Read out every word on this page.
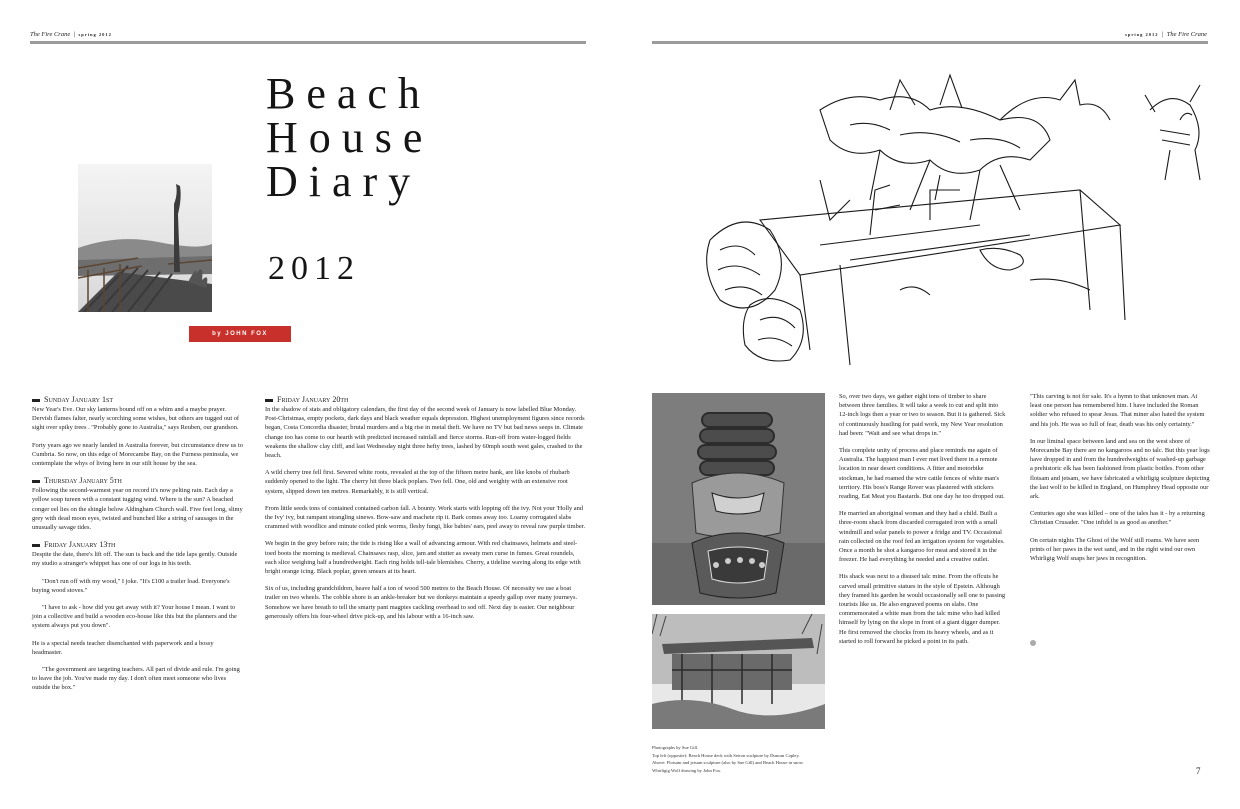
The Fire Crane  |  spring 2012	spring 2012  |  The Fire Crane
Beach
House
Diary
2012
by JOHN FOX
Sunday January 1st

New Year's Eve. Our sky lanterns bound off on a whim and a maybe prayer. Dervish flames falter, nearly scorching some wishes, but others are tugged out of sight over spiky trees . "Probably gone to Australia," says Reuben, our grandson.

Forty years ago we nearly landed in Australia forever, but circumstance drew us to Cumbria. So now, on this edge of Morecambe Bay, on the Furness peninsula, we contemplate the whys of living here in our stilt house by the sea.

Thursday January 5th

Following the second-warmest year on record it's now pelting rain. Each day a yellow soup tureen with a constant tugging wind. Where is the sun? A beached conger eel lies on the shingle below Aldingham Church wall. Five feet long, slimy grey with dead moon eyes, twisted and bunched like a string of sausages in the unusually savage tides.

Friday January 13th

Despite the date, there's lift off. The sun is back and the tide laps gently. Outside my studio a stranger's whippet has one of our logs in his teeth.

"Don't run off with my wood," I joke. "It's £100 a trailer load. Everyone's buying wood stoves."

"I have to ask - how did you get away with it? Your house I mean. I want to join a collective and build a wooden eco-house like this but the planners and the system always put you down".

He is a special needs teacher disenchanted with paperwork and a bossy headmaster.

"The government are targeting teachers. All part of divide and rule. I'm going to leave the job. You've made my day. I don't often meet someone who lives outside the box."

Friday January 20th

In the shadow of stats and obligatory calendars, the first day of the second week of January is now labelled Blue Monday. Post-Christmas, empty pockets, dark days and black weather equals depression. Highest unemployment figures since records began, Costa Concordia disaster, brutal murders and a big rise in metal theft. We have no TV but bad news seeps in. Climate change too has come to our hearth with predicted increased rainfall and fierce storms. Run-off from water-logged fields weakens the shallow clay cliff, and last Wednesday night three hefty trees, lashed by 60mph south west gales, crashed to the beach.

A wild cherry tree fell first. Severed white roots, revealed at the top of the fifteen metre bank, are like knobs of rhubarb suddenly opened to the light. The cherry hit three black poplars. Two fell. One, old and weighty with an extensive root system, slipped down ten metres. Remarkably, it is still vertical.

From little seeds tons of contained contained carbon fall. A bounty. Work starts with lopping off the ivy. Not your 'Holly and the Ivy' ivy, but rampant strangling sinews. Bow-saw and machete rip it. Bark comes away too. Loamy corrugated slabs crammed with woodlice and minute coiled pink worms, fleshy fungi, like babies' ears, peel away to reveal raw purple timber.

We begin in the grey before rain; the tide is rising like a wall of advancing armour. With red chainsaws, helmets and steel-toed boots the morning is medieval. Chainsaws rasp, slice, jam and stutter as sweaty men curse in fumes. Great roundels, each slice weighing half a hundredweight. Each ring holds tell-tale blemishes. Cherry, a tideline waving along its edge with bright orange icing. Black poplar, green smears at its heart.

Six of us, including grandchildren, heave half a ton of wood 500 metres to the Beach House. Of necessity we use a boat trailer on two wheels. The cobble shore is an ankle-breaker but we donkeys maintain a speedy gallop over many journeys. Somehow we have breath to tell the smarty pant magpies cackling overhead to sod off. Next day is easier. Our neighbour generously offers his four-wheel drive pick-up, and his labour with a 16-inch saw.

So, over two days, we gather eight tons of timber to share between three families. It will take a week to cut and split into 12-inch logs then a year or two to season. But it is gathered. Sick of continuously hustling for paid work, my New Year resolution had been: "Wait and see what drops in."

This complete unity of process and place reminds me again of Australia. The happiest man I ever met lived there in a remote location in near desert conditions. A fitter and motorbike stockman, he had roamed the wire cattle fences of white man's territory. His boss's Range Rover was plastered with stickers reading, Eat Meat you Bastards. But one day he too dropped out.

He married an aboriginal woman and they had a child. Built a three-room shack from discarded corrugated iron with a small windmill and solar panels to power a fridge and TV. Occasional rain collected on the roof fed an irrigation system for vegetables. Once a month he shot a kangaroo for meat and stored it in the freezer. He had everything he needed and a creative outlet.

His shack was next to a disused talc mine. From the offcuts he carved small primitive statues in the style of Epstein. Although they framed his garden he would occasionally sell one to passing tourists like us. He also engraved poems on slabs. One commemorated a white man from the talc mine who had killed himself by lying on the slope in front of a giant digger dumper. He first removed the chocks from its heavy wheels, and as it started to roll forward he picked a point in its path.

"This carving is not for sale. It's a hymn to that unknown man. At least one person has remembered him. I have included the Roman soldier who refused to spear Jesus. That miner also hated the system and his job. He was so full of fear, death was his only certainty."

In our liminal space between land and sea on the west shore of Morecambe Bay there are no kangaroos and no talc. But this year logs have dropped in and from the hundredweights of washed-up garbage a prehistoric elk has been fashioned from plastic bottles. From other flotsam and jetsam, we have fabricated a whirligig sculpture depicting the last wolf to be killed in England, on Humphrey Head opposite our ark.

Centuries ago she was killed – one of the tales has it - by a returning Christian Crusader. "One infidel is as good as another."

On certain nights The Ghost of the Wolf still roams. We have seen prints of her paws in the wet sand, and in the right wind our own Whirligig Wolf snaps her jaws in recognition.

Photographs by Sue Gill.
Top left (opposite): Beach House deck with Seiron sculpture by Duncan Copley.
Above: Flotsam and jetsam sculpture (also by Sue Gill) and Beach House in snow.
Whirligig Wolf drawing by John Fox.	7
